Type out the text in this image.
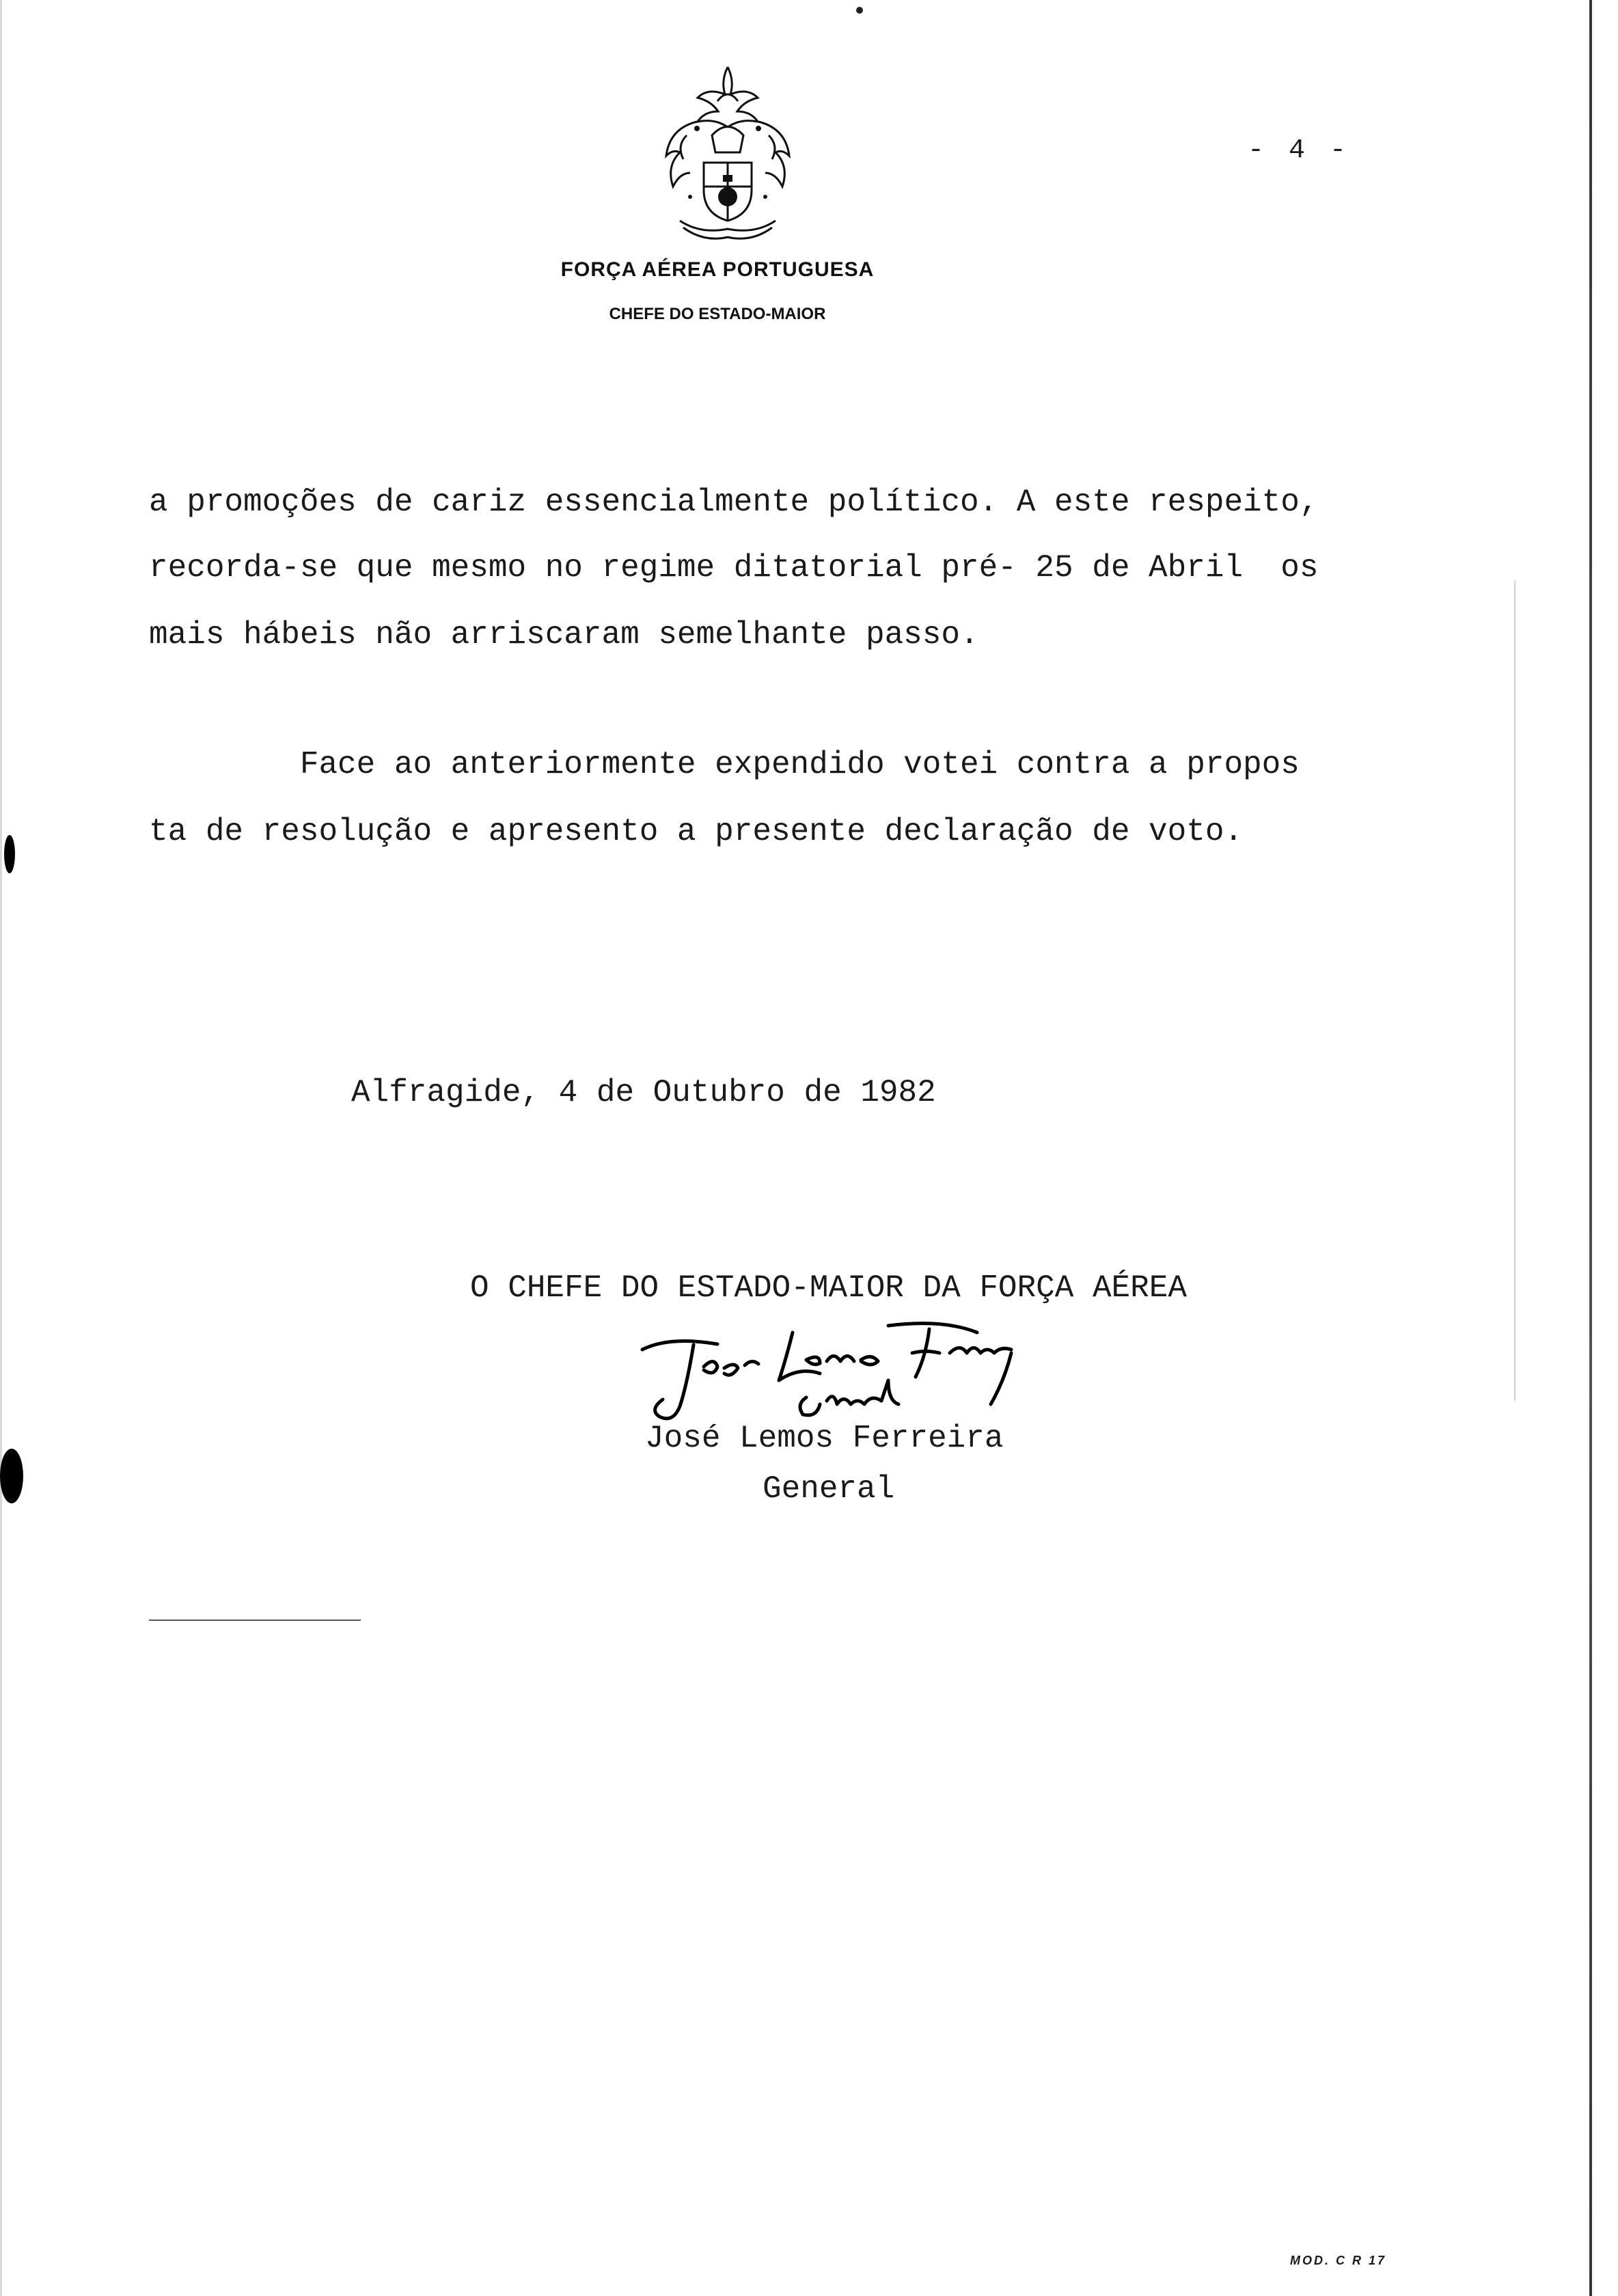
FORÇA AÉREA PORTUGUESA
CHEFE DO ESTADO-MAIOR
- 4 -
a promoções de cariz essencialmente político. A este respeito,
recorda-se que mesmo no regime ditatorial pré- 25 de Abril  os
mais hábeis não arriscaram semelhante passo.
Face ao anteriormente expendido votei contra a propos
ta de resolução e apresento a presente declaração de voto.
Alfragide, 4 de Outubro de 1982
O CHEFE DO ESTADO-MAIOR DA FORÇA AÉREA
José Lemos Ferreira
General
MOD. C R 17
